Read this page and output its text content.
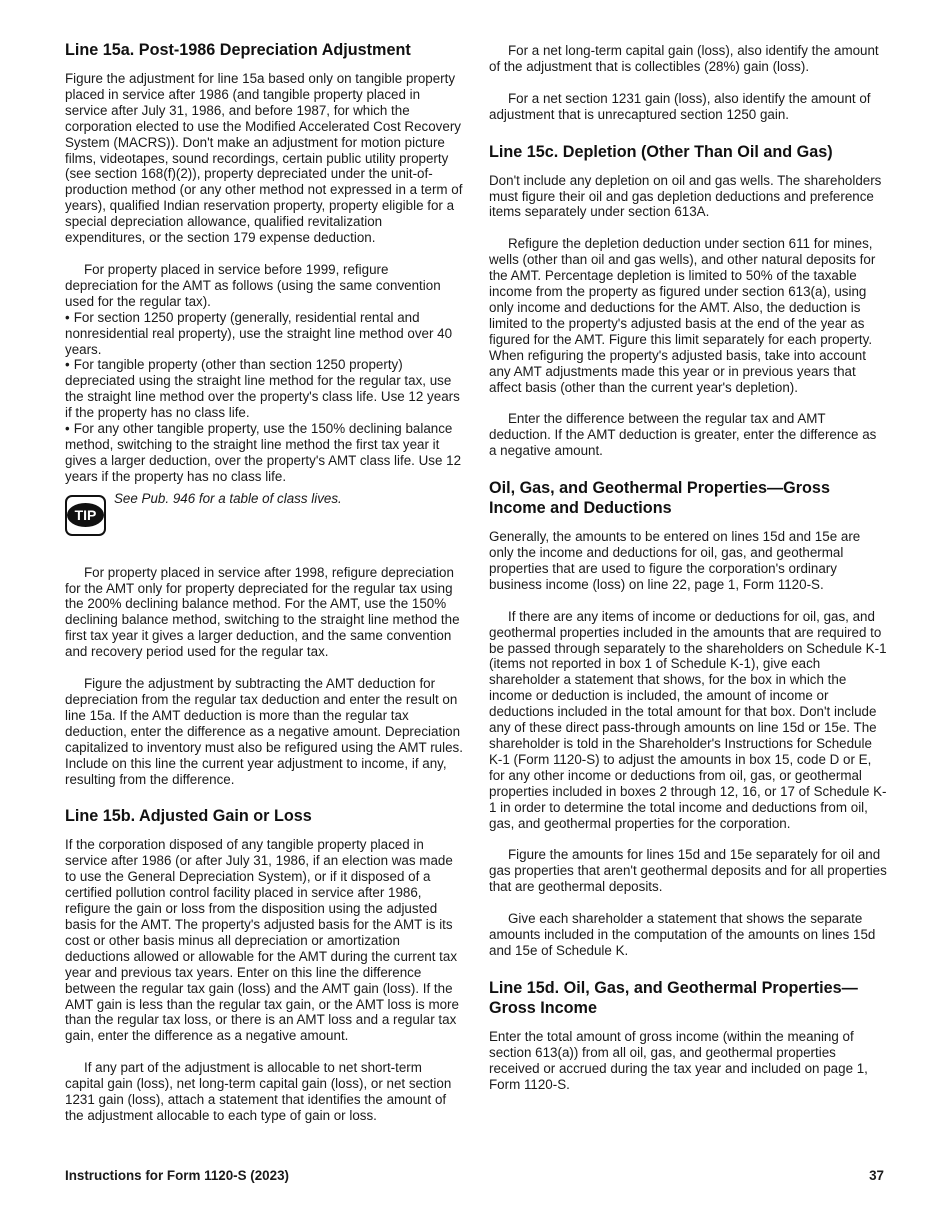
Line 15a. Post-1986 Depreciation Adjustment

Figure the adjustment for line 15a based only on tangible property placed in service after 1986 (and tangible property placed in service after July 31, 1986, and before 1987, for which the corporation elected to use the Modified Accelerated Cost Recovery System (MACRS)). Don't make an adjustment for motion picture films, videotapes, sound recordings, certain public utility property (see section 168(f)(2)), property depreciated under the unit-of-production method (or any other method not expressed in a term of years), qualified Indian reservation property, property eligible for a special depreciation allowance, qualified revitalization expenditures, or the section 179 expense deduction.

For property placed in service before 1999, refigure depreciation for the AMT as follows (using the same convention used for the regular tax).

• For section 1250 property (generally, residential rental and nonresidential real property), use the straight line method over 40 years.
• For tangible property (other than section 1250 property) depreciated using the straight line method for the regular tax, use the straight line method over the property's class life. Use 12 years if the property has no class life.
• For any other tangible property, use the 150% declining balance method, switching to the straight line method the first tax year it gives a larger deduction, over the property's AMT class life. Use 12 years if the property has no class life.
TIP
See Pub. 946 for a table of class lives.

For property placed in service after 1998, refigure depreciation for the AMT only for property depreciated for the regular tax using the 200% declining balance method. For the AMT, use the 150% declining balance method, switching to the straight line method the first tax year it gives a larger deduction, and the same convention and recovery period used for the regular tax.

Figure the adjustment by subtracting the AMT deduction for depreciation from the regular tax deduction and enter the result on line 15a. If the AMT deduction is more than the regular tax deduction, enter the difference as a negative amount. Depreciation capitalized to inventory must also be refigured using the AMT rules. Include on this line the current year adjustment to income, if any, resulting from the difference.

Line 15b. Adjusted Gain or Loss

If the corporation disposed of any tangible property placed in service after 1986 (or after July 31, 1986, if an election was made to use the General Depreciation System), or if it disposed of a certified pollution control facility placed in service after 1986, refigure the gain or loss from the disposition using the adjusted basis for the AMT. The property's adjusted basis for the AMT is its cost or other basis minus all depreciation or amortization deductions allowed or allowable for the AMT during the current tax year and previous tax years. Enter on this line the difference between the regular tax gain (loss) and the AMT gain (loss). If the AMT gain is less than the regular tax gain, or the AMT loss is more than the regular tax loss, or there is an AMT loss and a regular tax gain, enter the difference as a negative amount.

If any part of the adjustment is allocable to net short-term capital gain (loss), net long-term capital gain (loss), or net section 1231 gain (loss), attach a statement that identifies the amount of the adjustment allocable to each type of gain or loss.

For a net long-term capital gain (loss), also identify the amount of the adjustment that is collectibles (28%) gain (loss).

For a net section 1231 gain (loss), also identify the amount of adjustment that is unrecaptured section 1250 gain.

Line 15c. Depletion (Other Than Oil and Gas)

Don't include any depletion on oil and gas wells. The shareholders must figure their oil and gas depletion deductions and preference items separately under section 613A.

Refigure the depletion deduction under section 611 for mines, wells (other than oil and gas wells), and other natural deposits for the AMT. Percentage depletion is limited to 50% of the taxable income from the property as figured under section 613(a), using only income and deductions for the AMT. Also, the deduction is limited to the property's adjusted basis at the end of the year as figured for the AMT. Figure this limit separately for each property. When refiguring the property's adjusted basis, take into account any AMT adjustments made this year or in previous years that affect basis (other than the current year's depletion).

Enter the difference between the regular tax and AMT deduction. If the AMT deduction is greater, enter the difference as a negative amount.

Oil, Gas, and Geothermal Properties—Gross Income and Deductions

Generally, the amounts to be entered on lines 15d and 15e are only the income and deductions for oil, gas, and geothermal properties that are used to figure the corporation's ordinary business income (loss) on line 22, page 1, Form 1120-S.

If there are any items of income or deductions for oil, gas, and geothermal properties included in the amounts that are required to be passed through separately to the shareholders on Schedule K-1 (items not reported in box 1 of Schedule K-1), give each shareholder a statement that shows, for the box in which the income or deduction is included, the amount of income or deductions included in the total amount for that box. Don't include any of these direct pass-through amounts on line 15d or 15e. The shareholder is told in the Shareholder's Instructions for Schedule K-1 (Form 1120-S) to adjust the amounts in box 15, code D or E, for any other income or deductions from oil, gas, or geothermal properties included in boxes 2 through 12, 16, or 17 of Schedule K-1 in order to determine the total income and deductions from oil, gas, and geothermal properties for the corporation.

Figure the amounts for lines 15d and 15e separately for oil and gas properties that aren't geothermal deposits and for all properties that are geothermal deposits.

Give each shareholder a statement that shows the separate amounts included in the computation of the amounts on lines 15d and 15e of Schedule K.

Line 15d. Oil, Gas, and Geothermal Properties—Gross Income

Enter the total amount of gross income (within the meaning of section 613(a)) from all oil, gas, and geothermal properties received or accrued during the tax year and included on page 1, Form 1120-S.

Instructions for Form 1120-S (2023)	37
